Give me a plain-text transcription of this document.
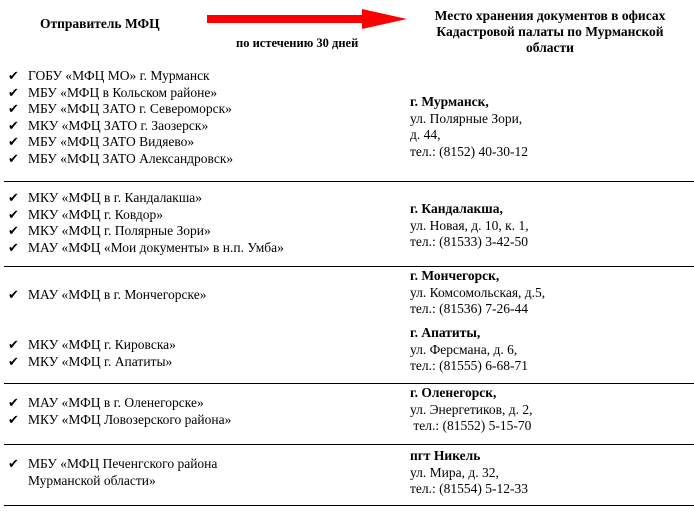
Отправитель МФЦ
по истечению 30 дней
Место хранения документов в офисах
Кадастровой палаты по Мурманской
области
✔ ГОБУ «МФЦ МО» г. Мурманск
✔ МБУ «МФЦ в Кольском районе»
✔ МБУ «МФЦ ЗАТО г. Североморск»
✔ МКУ «МФЦ ЗАТО г. Заозерск»
✔ МБУ «МФЦ ЗАТО Видяево»
✔ МБУ «МФЦ ЗАТО Александровск»
г. Мурманск,
ул. Полярные Зори,
д. 44,
тел.: (8152) 40-30-12
✔ МКУ «МФЦ в г. Кандалакша»
✔ МКУ «МФЦ г. Ковдор»
✔ МКУ «МФЦ г. Полярные Зори»
✔ МАУ «МФЦ «Мои документы» в н.п. Умба»
г. Кандалакша,
ул. Новая, д. 10, к. 1,
тел.: (81533) 3-42-50
✔ МАУ «МФЦ в г. Мончегорске»
г. Мончегорск,
ул. Комсомольская, д.5,
тел.: (81536) 7-26-44
✔ МКУ «МФЦ г. Кировска»
✔ МКУ «МФЦ г. Апатиты»
г. Апатиты,
ул. Ферсмана, д. 6,
тел.: (81555) 6-68-71
✔ МАУ «МФЦ в г. Оленегорске»
✔ МКУ «МФЦ Ловозерского района»
г. Оленегорск,
ул. Энергетиков, д. 2,
тел.: (81552) 5-15-70
✔ МБУ «МФЦ Печенгского района Мурманской области»
пгт Никель
ул. Мира, д. 32,
тел.: (81554) 5-12-33
